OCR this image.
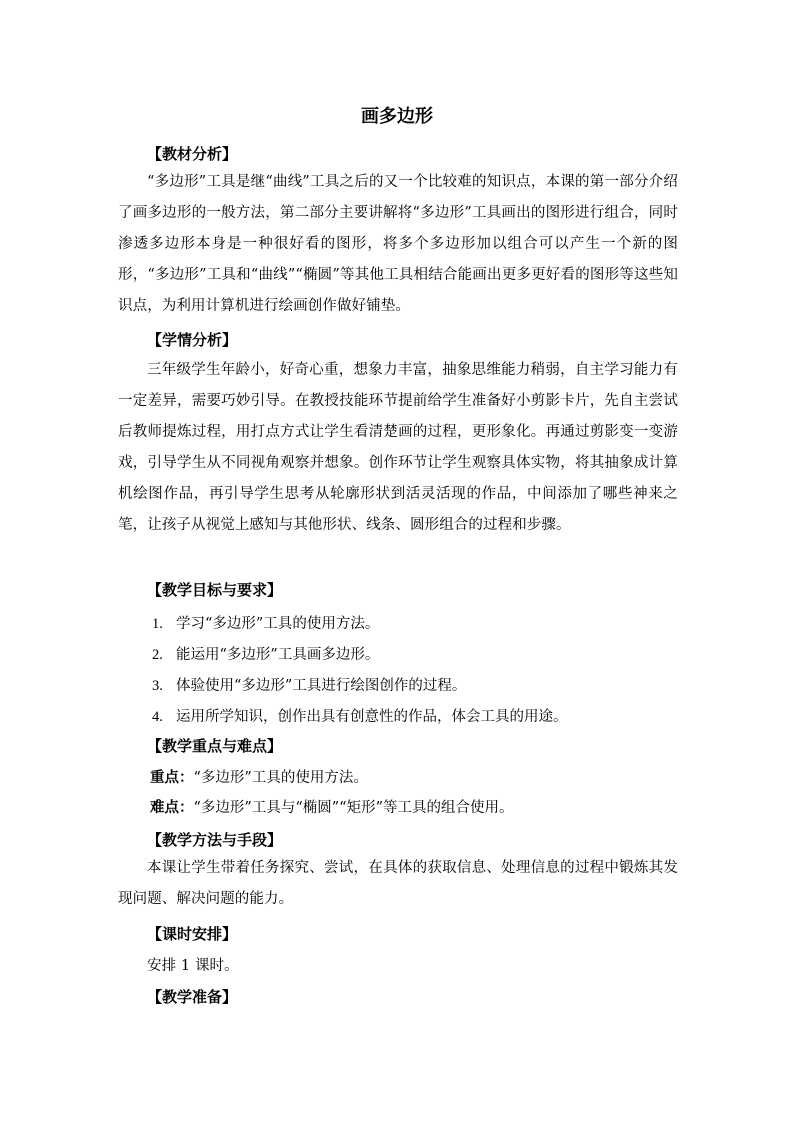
画多边形
【教材分析】
“多边形”工具是继“曲线”工具之后的又一个比较难的知识点，本课的第一部分介绍了画多边形的一般方法，第二部分主要讲解将“多边形”工具画出的图形进行组合，同时渗透多边形本身是一种很好看的图形，将多个多边形加以组合可以产生一个新的图形，“多边形”工具和“曲线”“椭圆”等其他工具相结合能画出更多更好看的图形等这些知识点，为利用计算机进行绘画创作做好铺垫。
【学情分析】
三年级学生年龄小，好奇心重，想象力丰富，抽象思维能力稍弱，自主学习能力有一定差异，需要巧妙引导。在教授技能环节提前给学生准备好小剪影卡片，先自主尝试后教师提炼过程，用打点方式让学生看清楚画的过程，更形象化。再通过剪影变一变游戏，引导学生从不同视角观察并想象。创作环节让学生观察具体实物，将其抽象成计算机绘图作品，再引导学生思考从轮廓形状到活灵活现的作品，中间添加了哪些神来之笔，让孩子从视觉上感知与其他形状、线条、圆形组合的过程和步骤。
【教学目标与要求】
1. 学习“多边形”工具的使用方法。
2. 能运用“多边形”工具画多边形。
3. 体验使用“多边形”工具进行绘图创作的过程。
4. 运用所学知识，创作出具有创意性的作品，体会工具的用途。
【教学重点与难点】
重点：“多边形”工具的使用方法。
难点：“多边形”工具与“椭圆”“矩形”等工具的组合使用。
【教学方法与手段】
本课让学生带着任务探究、尝试，在具体的获取信息、处理信息的过程中锻炼其发现问题、解决问题的能力。
【课时安排】
安排 1 课时。
【教学准备】
